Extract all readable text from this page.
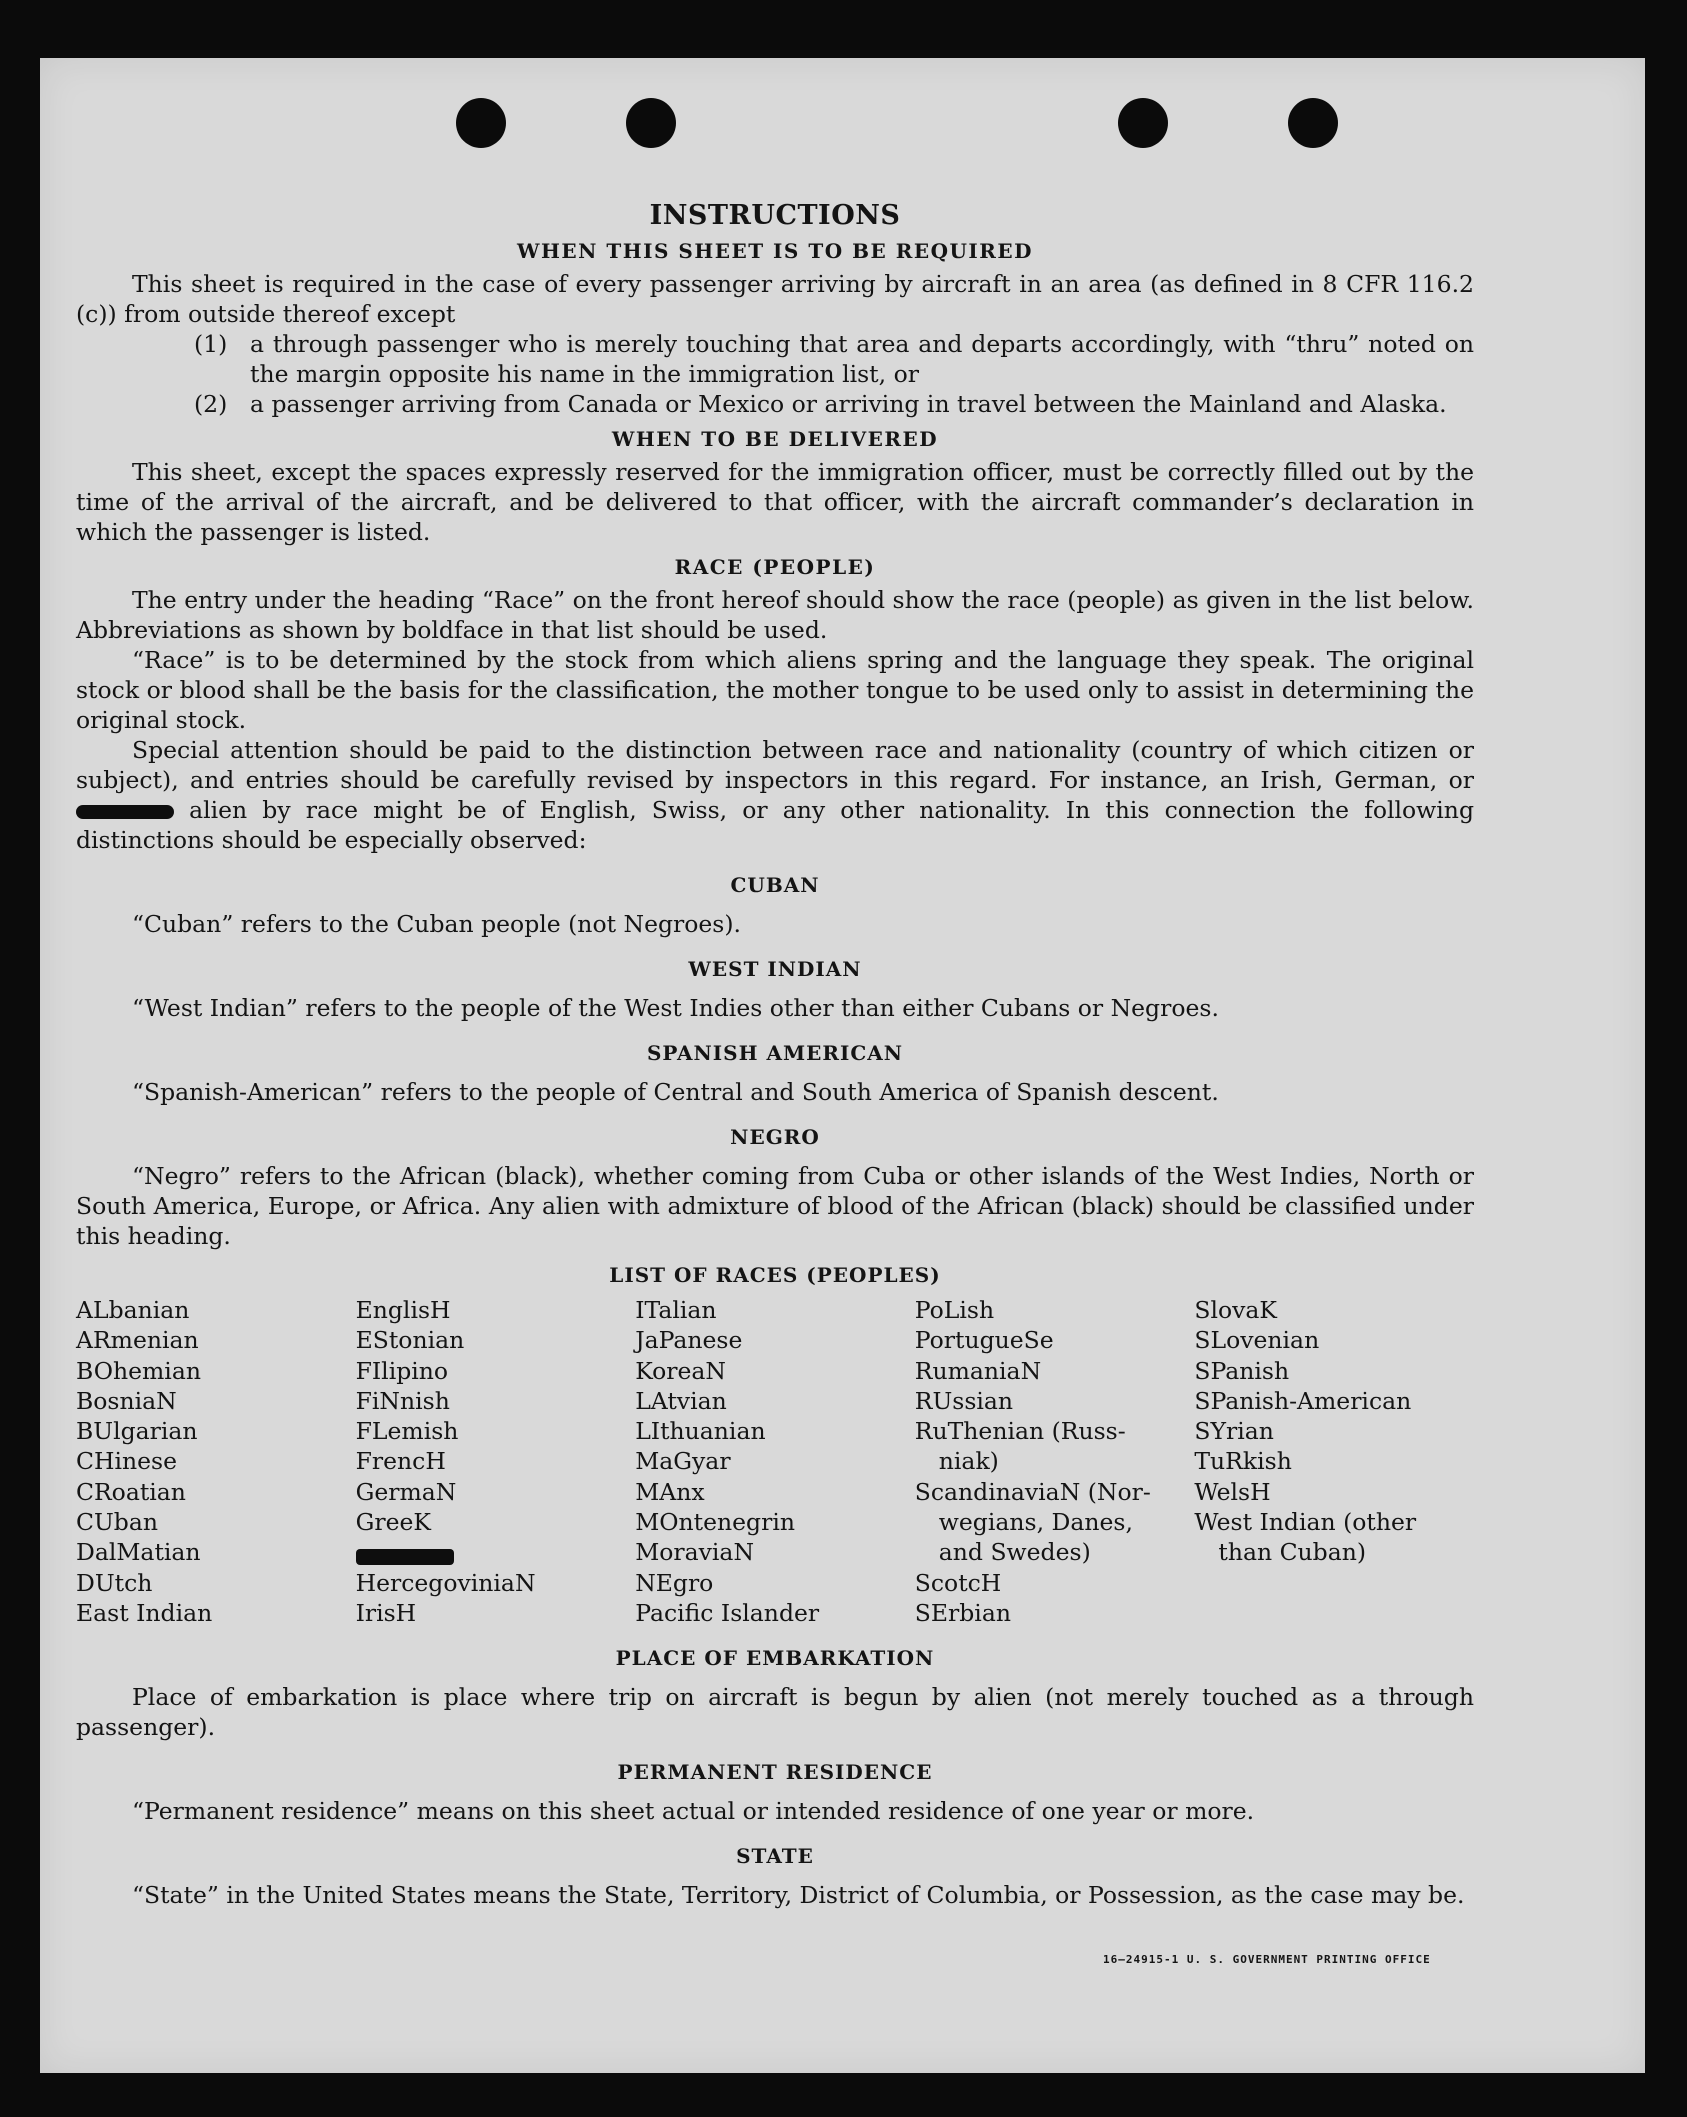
INSTRUCTIONS
WHEN THIS SHEET IS TO BE REQUIRED

This sheet is required in the case of every passenger arriving by aircraft in an area (as defined in 8 CFR 116.2 (c)) from outside thereof except

(1) a through passenger who is merely touching that area and departs accordingly, with “thru” noted on the margin opposite his name in the immigration list, or
(2) a passenger arriving from Canada or Mexico or arriving in travel between the Mainland and Alaska.
WHEN TO BE DELIVERED

This sheet, except the spaces expressly reserved for the immigration officer, must be correctly filled out by the time of the arrival of the aircraft, and be delivered to that officer, with the aircraft commander’s declaration in which the passenger is listed.

RACE (PEOPLE)

The entry under the heading “Race” on the front hereof should show the race (people) as given in the list below. Abbreviations as shown by boldface in that list should be used.

“Race” is to be determined by the stock from which aliens spring and the language they speak. The original stock or blood shall be the basis for the classification, the mother tongue to be used only to assist in determining the original stock.

Special attention should be paid to the distinction between race and nationality (country of which citizen or subject), and entries should be carefully revised by inspectors in this regard. For instance, an Irish, German, or  alien by race might be of English, Swiss, or any other nationality. In this connection the following distinctions should be especially observed:

CUBAN

“Cuban” refers to the Cuban people (not Negroes).

WEST INDIAN

“West Indian” refers to the people of the West Indies other than either Cubans or Negroes.

SPANISH AMERICAN

“Spanish-American” refers to the people of Central and South America of Spanish descent.

NEGRO

“Negro” refers to the African (black), whether coming from Cuba or other islands of the West Indies, North or South America, Europe, or Africa. Any alien with admixture of blood of the African (black) should be classified under this heading.

LIST OF RACES (PEOPLES)
ALbanian
ARmenian
BOhemian
BosniaN
BUlgarian
CHinese
CRoatian
CUban
DalMatian
DUtch
East Indian
EnglisH
EStonian
FIlipino
FiNnish
FLemish
FrencH
GermaN
GreeK
HercegoviniaN
IrisH
ITalian
JaPanese
KoreaN
LAtvian
LIthuanian
MaGyar
MAnx
MOntenegrin
MoraviaN
NEgro
Pacific Islander
PoLish
PortugueSe
RumaniaN
RUssian
RuThenian (Russ-
niak)
ScandinaviaN (Nor-
wegians, Danes,
and Swedes)
ScotcH
SErbian
SlovaK
SLovenian
SPanish
SPanish-American
SYrian
TuRkish
WelsH
West Indian (other
than Cuban)
PLACE OF EMBARKATION

Place of embarkation is place where trip on aircraft is begun by alien (not merely touched as a through passenger).

PERMANENT RESIDENCE

“Permanent residence” means on this sheet actual or intended residence of one year or more.

STATE

“State” in the United States means the State, Territory, District of Columbia, or Possession, as the case may be.

16—24915-1 U. S. GOVERNMENT PRINTING OFFICE
